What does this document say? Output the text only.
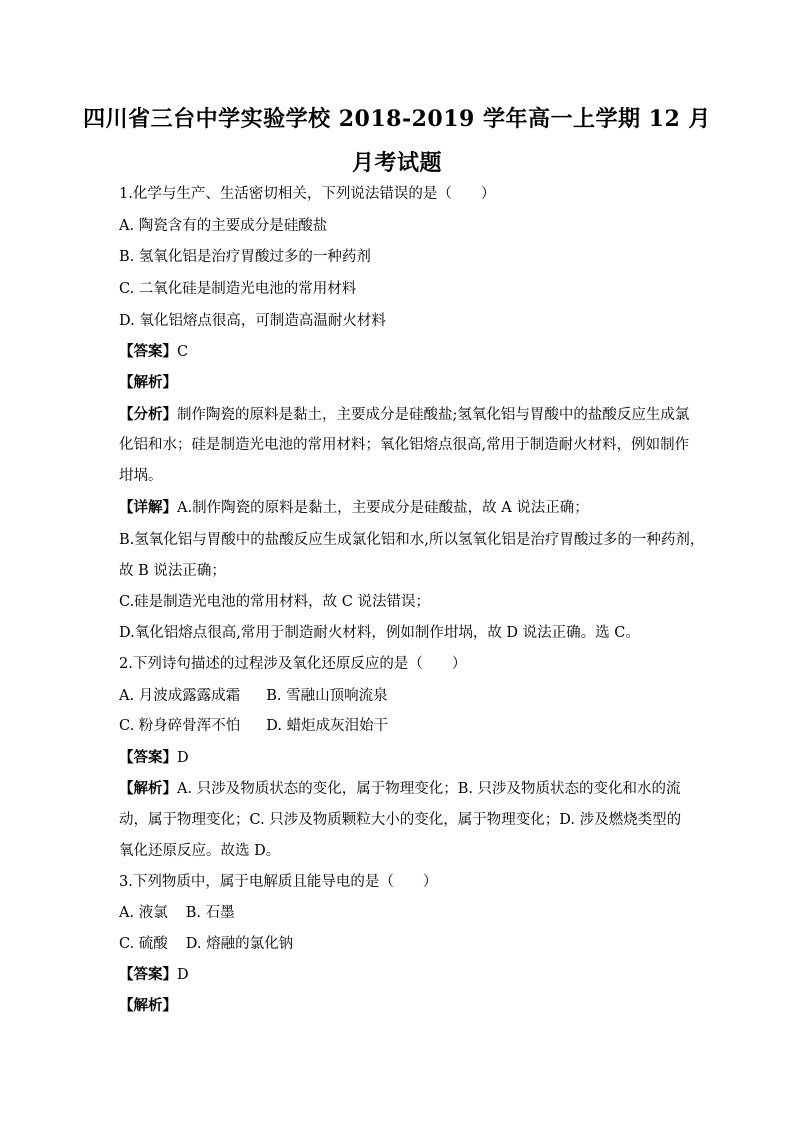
四川省三台中学实验学校 2018-2019 学年高一上学期 12 月
月考试题
1.化学与生产、生活密切相关，下列说法错误的是（　　）
A. 陶瓷含有的主要成分是硅酸盐
B. 氢氧化铝是治疗胃酸过多的一种药剂
C. 二氧化硅是制造光电池的常用材料
D. 氧化铝熔点很高，可制造高温耐火材料
【答案】C
【解析】
【分析】制作陶瓷的原料是黏土，主要成分是硅酸盐;氢氧化铝与胃酸中的盐酸反应生成氯
化铝和水；硅是制造光电池的常用材料；氧化铝熔点很高,常用于制造耐火材料，例如制作
坩埚。
【详解】A.制作陶瓷的原料是黏土，主要成分是硅酸盐，故 A 说法正确；
B.氢氧化铝与胃酸中的盐酸反应生成氯化铝和水,所以氢氧化铝是治疗胃酸过多的一种药剂，
故 B 说法正确；
C.硅是制造光电池的常用材料，故 C 说法错误；
D.氧化铝熔点很高,常用于制造耐火材料，例如制作坩埚，故 D 说法正确。选 C。
2.下列诗句描述的过程涉及氧化还原反应的是（　　）
A. 月波成露露成霜 B. 雪融山顶响流泉
C. 粉身碎骨浑不怕 D. 蜡炬成灰泪始干
【答案】D
【解析】A. 只涉及物质状态的变化，属于物理变化；B. 只涉及物质状态的变化和水的流
动，属于物理变化；C. 只涉及物质颗粒大小的变化，属于物理变化；D. 涉及燃烧类型的
氧化还原反应。故选 D。
3.下列物质中，属于电解质且能导电的是（　　）
A. 液氯 B. 石墨
C. 硫酸 D. 熔融的氯化钠
【答案】D
【解析】
